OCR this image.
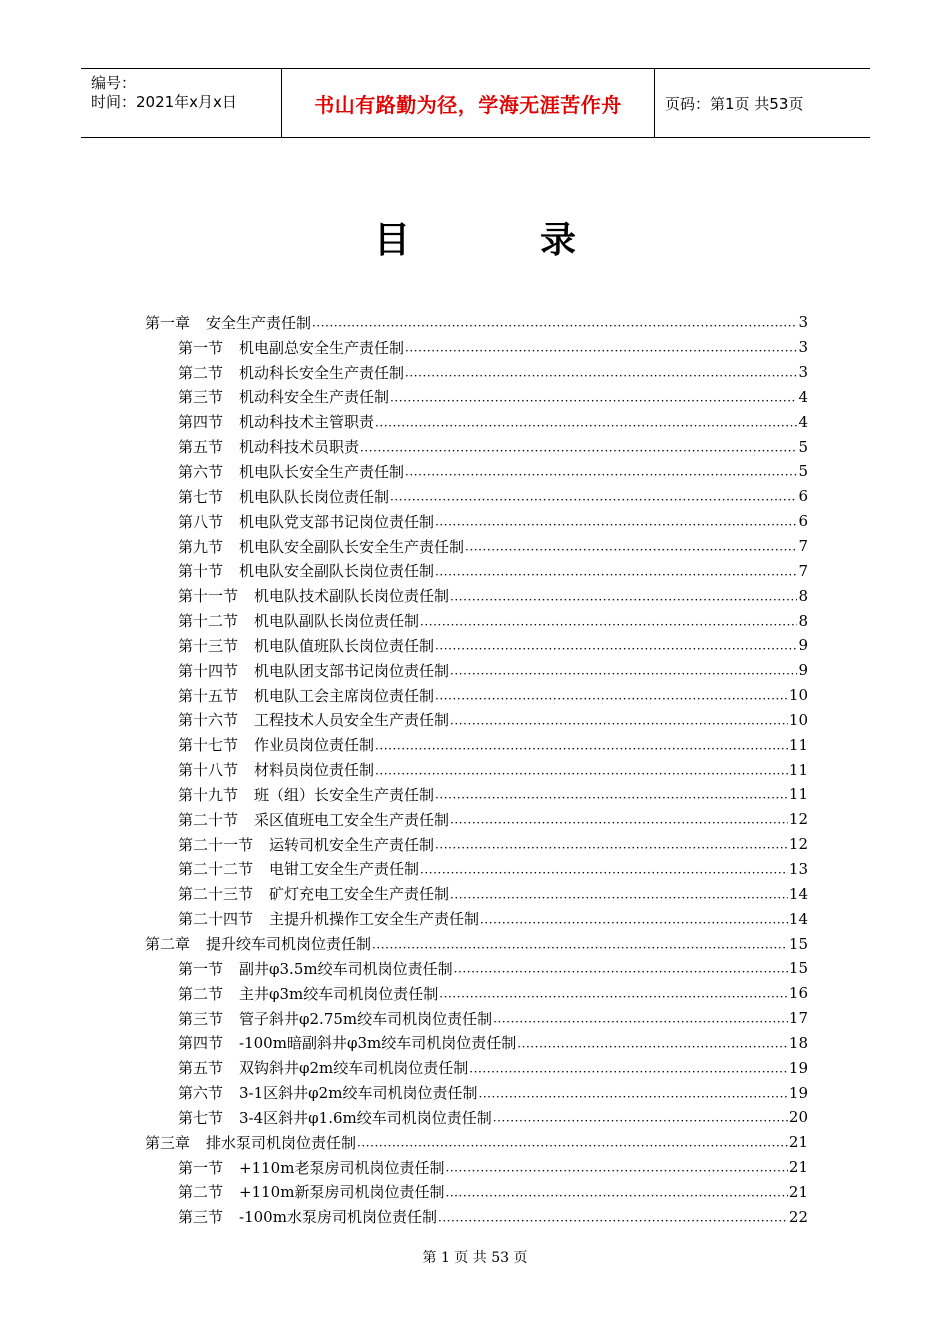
编号：
时间：2021年x月x日	书山有路勤为径，学海无涯苦作舟	页码：第1页 共53页
目	录
第一章 安全生产责任制 ·····	3
第一节 机电副总安全生产责任制 ·····	3
第二节 机动科长安全生产责任制 ·····	3
第三节 机动科安全生产责任制 ·····	4
第四节 机动科技术主管职责 ·····	4
第五节 机动科技术员职责 ·····	5
第六节 机电队长安全生产责任制 ·····	5
第七节 机电队队长岗位责任制 ·····	6
第八节 机电队党支部书记岗位责任制 ·····	6
第九节 机电队安全副队长安全生产责任制 ·····	7
第十节 机电队安全副队长岗位责任制 ·····	7
第十一节 机电队技术副队长岗位责任制 ·····	8
第十二节 机电队副队长岗位责任制 ·····	8
第十三节 机电队值班队长岗位责任制 ·····	9
第十四节 机电队团支部书记岗位责任制 ·····	9
第十五节 机电队工会主席岗位责任制 ·····	10
第十六节 工程技术人员安全生产责任制 ·····	10
第十七节 作业员岗位责任制 ·····	11
第十八节 材料员岗位责任制 ·····	11
第十九节 班（组）长安全生产责任制 ·····	11
第二十节 采区值班电工安全生产责任制 ·····	12
第二十一节 运转司机安全生产责任制 ·····	12
第二十二节 电钳工安全生产责任制 ·····	13
第二十三节 矿灯充电工安全生产责任制 ·····	14
第二十四节 主提升机操作工安全生产责任制 ·····	14
第二章 提升绞车司机岗位责任制 ·····	15
第一节 副井φ3.5m绞车司机岗位责任制 ·····	15
第二节 主井φ3m绞车司机岗位责任制 ·····	16
第三节 管子斜井φ2.75m绞车司机岗位责任制 ·····	17
第四节 -100m暗副斜井φ3m绞车司机岗位责任制 ·····	18
第五节 双钩斜井φ2m绞车司机岗位责任制 ·····	19
第六节 3-1区斜井φ2m绞车司机岗位责任制 ·····	19
第七节 3-4区斜井φ1.6m绞车司机岗位责任制 ·····	20
第三章 排水泵司机岗位责任制 ·····	21
第一节 +110m老泵房司机岗位责任制 ·····	21
第二节 +110m新泵房司机岗位责任制 ·····	21
第三节 -100m水泵房司机岗位责任制 ·····	22
第 1 页 共 53 页
